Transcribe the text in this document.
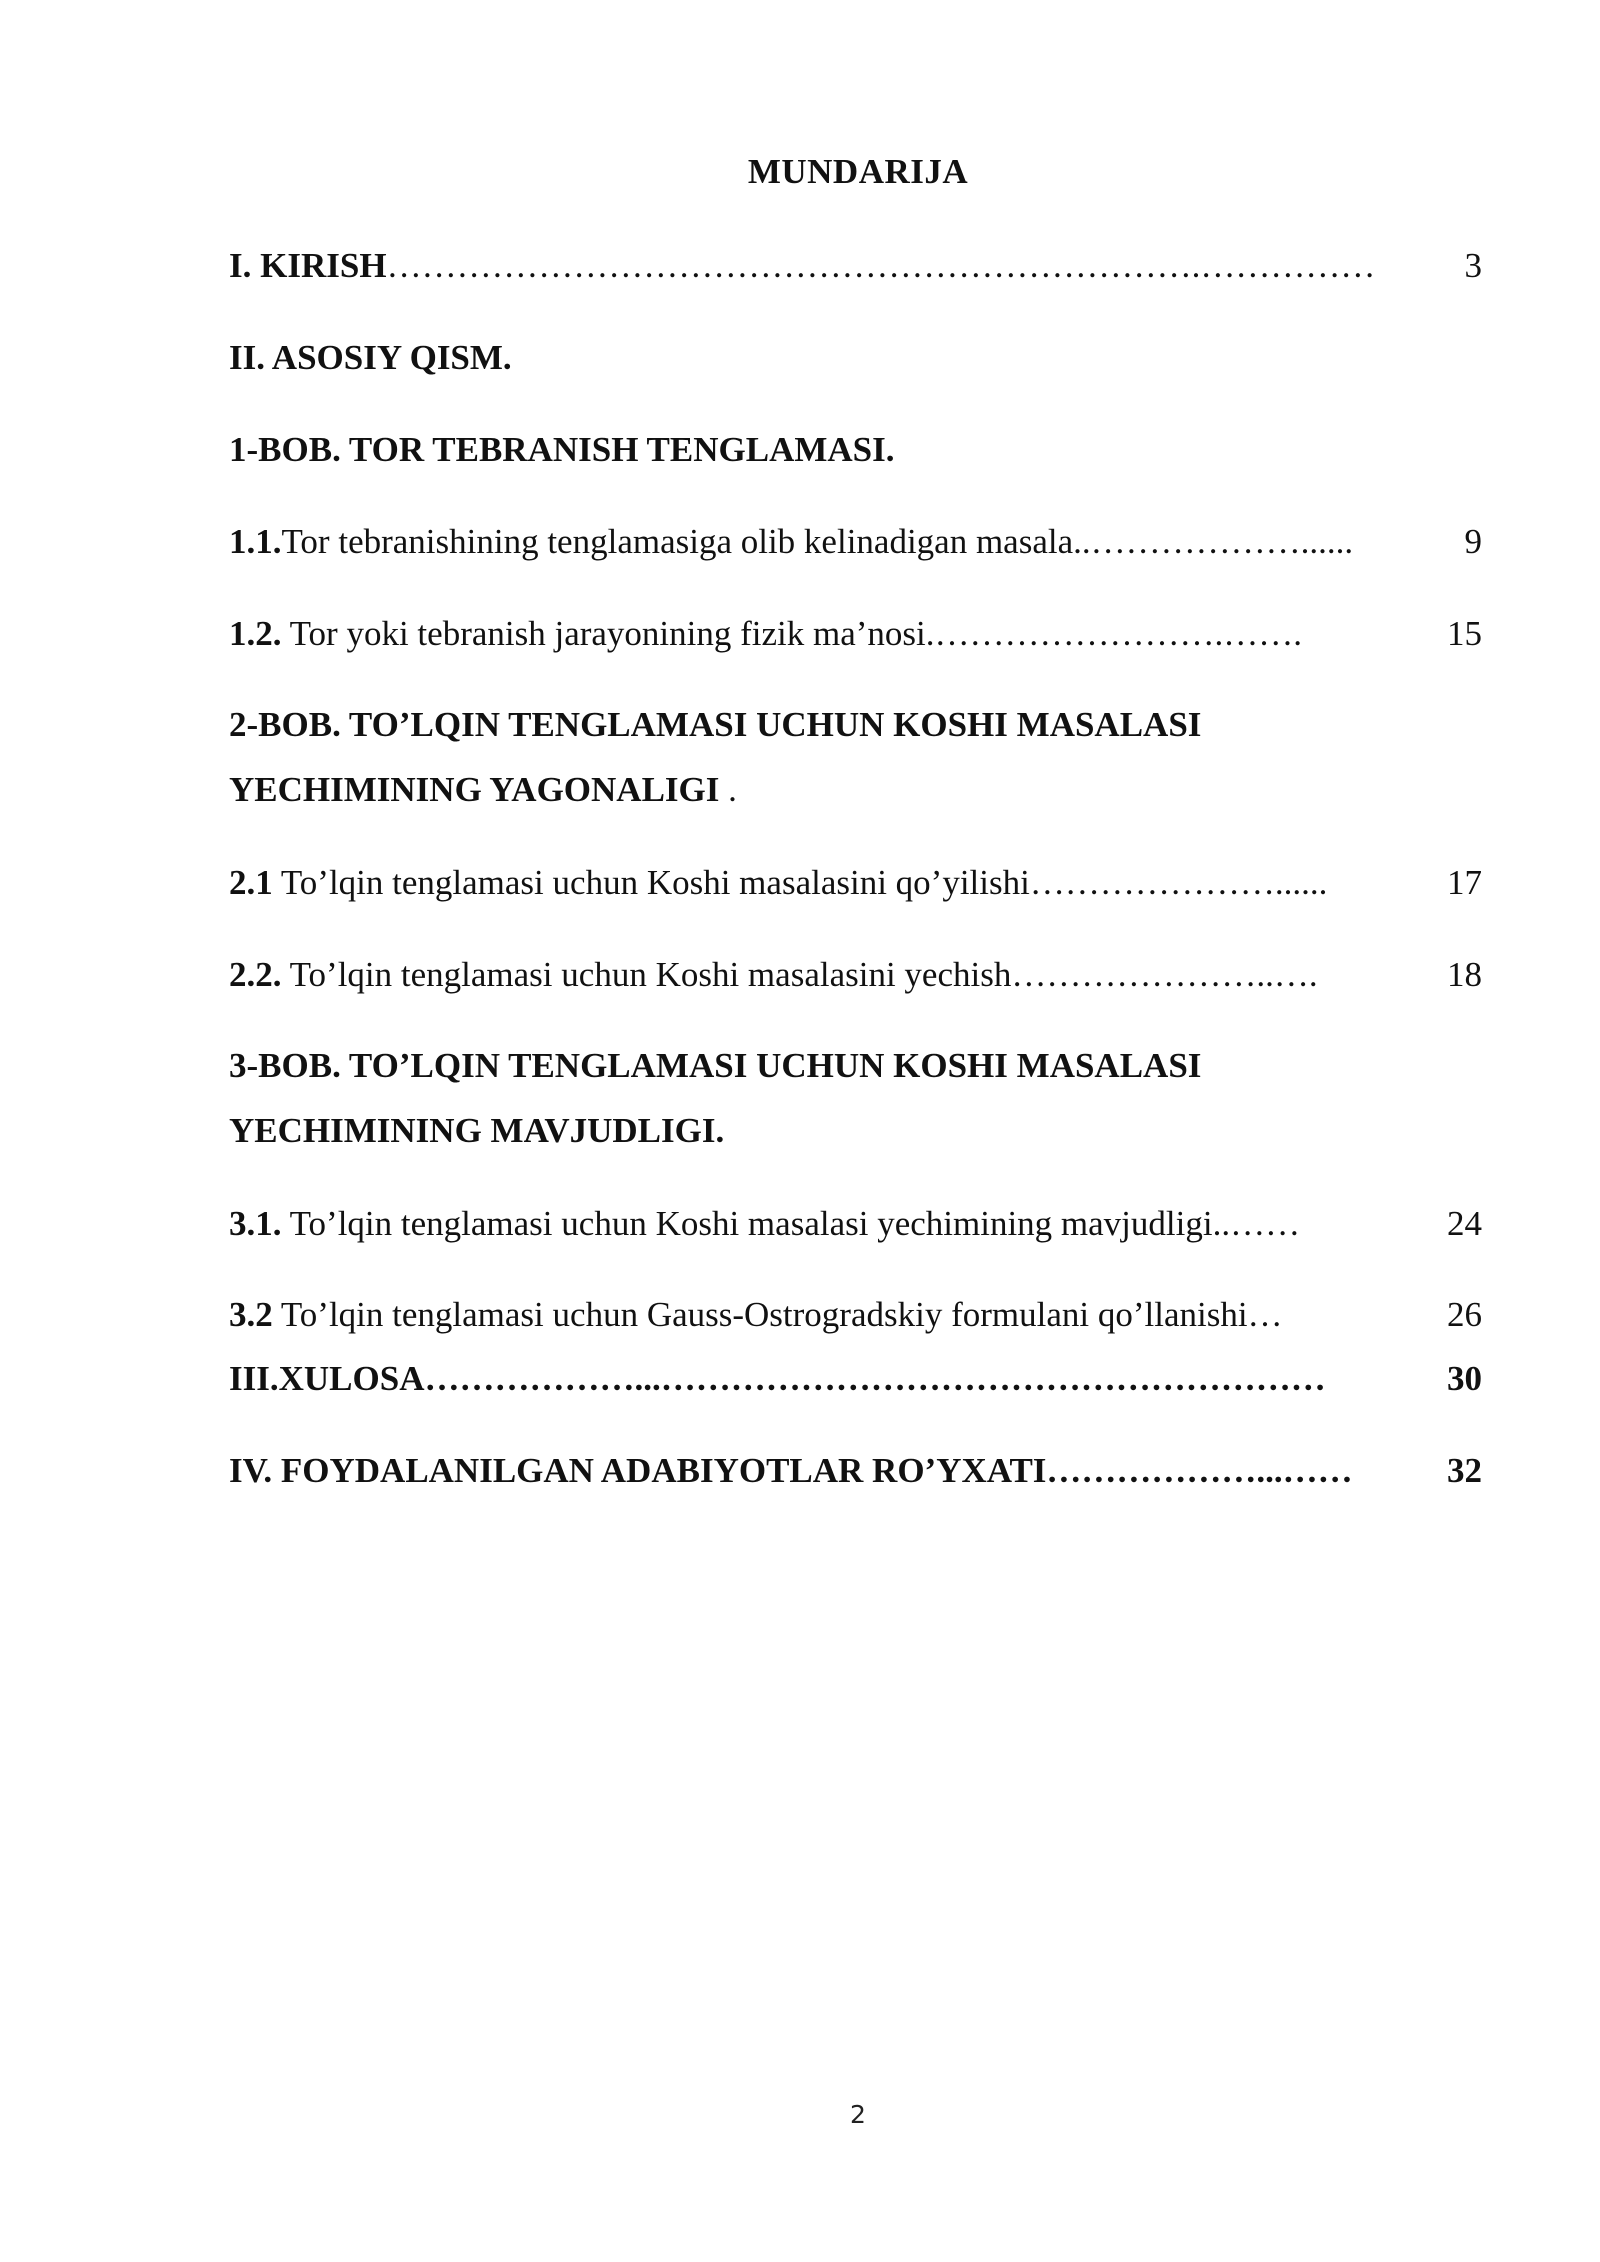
MUNDARIJA
I. KIRISH…………………………………………………………….……………	3
II. ASOSIY QISM.
1-BOB. TOR TEBRANISH TENGLAMASI.
1.1.Tor tebranishining tenglamasiga olib kelinadigan masala..………………......	9
1.2. Tor yoki tebranish jarayonining fizik ma’nosi.…………………….…….	15
2-BOB. TO’LQIN TENGLAMASI UCHUN KOSHI MASALASI
YECHIMINING YAGONALIGI .
2.1 To’lqin tenglamasi uchun Koshi masalasini qo’yilishi…………………......	17
2.2. To’lqin tenglamasi uchun Koshi masalasini yechish…………………..….	18
3-BOB. TO’LQIN TENGLAMASI UCHUN KOSHI MASALASI
YECHIMINING MAVJUDLIGI.
3.1. To’lqin tenglamasi uchun Koshi masalasi yechimining mavjudligi..……	24
3.2 To’lqin tenglamasi uchun Gauss-Ostrogradskiy formulani qo’llanishi…	26
III.XULOSA………………...…………………………………………………	30
IV. FOYDALANILGAN ADABIYOTLAR RO’YXATI………………...……	32
2
